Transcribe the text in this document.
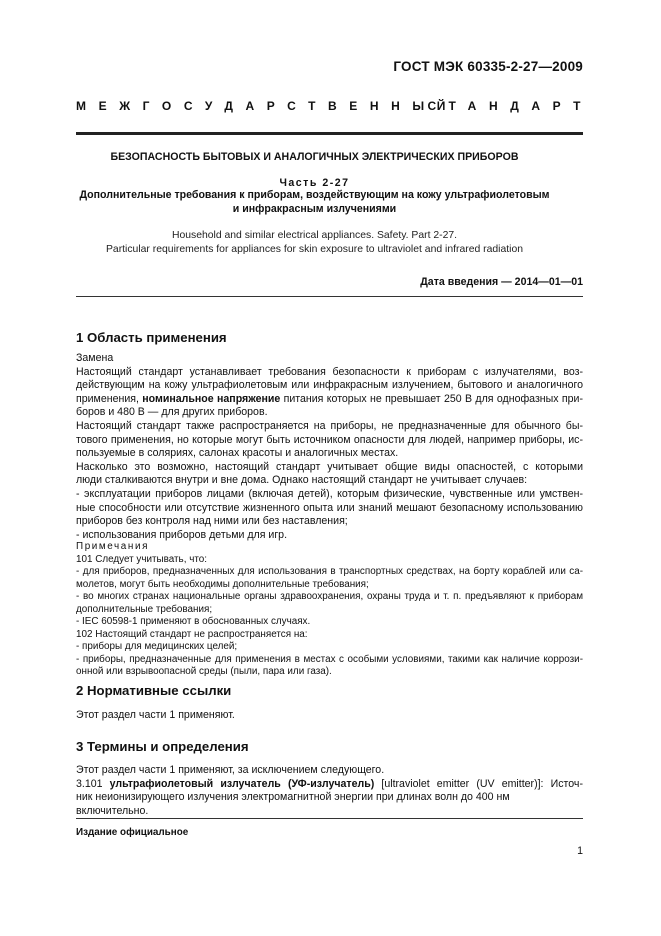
ГОСТ МЭК 60335-2-27—2009
МЕЖГОСУДАРСТВЕННЫЙ
СТАНДАРТ
БЕЗОПАСНОСТЬ БЫТОВЫХ И АНАЛОГИЧНЫХ ЭЛЕКТРИЧЕСКИХ ПРИБОРОВ
Часть 2-27
Дополнительные требования к приборам, воздействующим на кожу ультрафиолетовым
и инфракрасным излучениями
Household and similar electrical appliances. Safety. Part 2-27.
Particular requirements for appliances for skin exposure to ultraviolet and infrared radiation
Дата введения — 2014—01—01
1 Область применения
Замена
Настоящий стандарт устанавливает требования безопасности к приборам с излучателями, воз-
действующим на кожу ультрафиолетовым или инфракрасным излучением, бытового и аналогичного
применения, номинальное напряжение питания которых не превышает 250 В для однофазных при-
боров и 480 В — для других приборов.
Настоящий стандарт также распространяется на приборы, не предназначенные для обычного бы-
тового применения, но которые могут быть источником опасности для людей, например приборы, ис-
пользуемые в соляриях, салонах красоты и аналогичных местах.
Насколько это возможно, настоящий стандарт учитывает общие виды опасностей, с которыми
люди сталкиваются внутри и вне дома. Однако настоящий стандарт не учитывает случаев:
- эксплуатации приборов лицами (включая детей), которым физические, чувственные или умствен-
ные способности или отсутствие жизненного опыта или знаний мешают безопасному использованию
приборов без контроля над ними или без наставления;
- использования приборов детьми для игр.
Примечания
101 Следует учитывать, что:
- для приборов, предназначенных для использования в транспортных средствах, на борту кораблей или са-
молетов, могут быть необходимы дополнительные требования;
- во многих странах национальные органы здравоохранения, охраны труда и т. п. предъявляют к приборам
дополнительные требования;
- IEC 60598-1 применяют в обоснованных случаях.
102 Настоящий стандарт не распространяется на:
- приборы для медицинских целей;
- приборы, предназначенные для применения в местах с особыми условиями, такими как наличие коррози-
онной или взрывоопасной среды (пыли, пара или газа).
2 Нормативные ссылки
Этот раздел части 1 применяют.
3 Термины и определения
Этот раздел части 1 применяют, за исключением следующего.
3.101 ультрафиолетовый излучатель (УФ-излучатель) [ultraviolet emitter (UV emitter)]: Источ-
ник неионизирующего излучения электромагнитной энергии при длинах волн до 400 нм включительно.
Издание официальное
1
